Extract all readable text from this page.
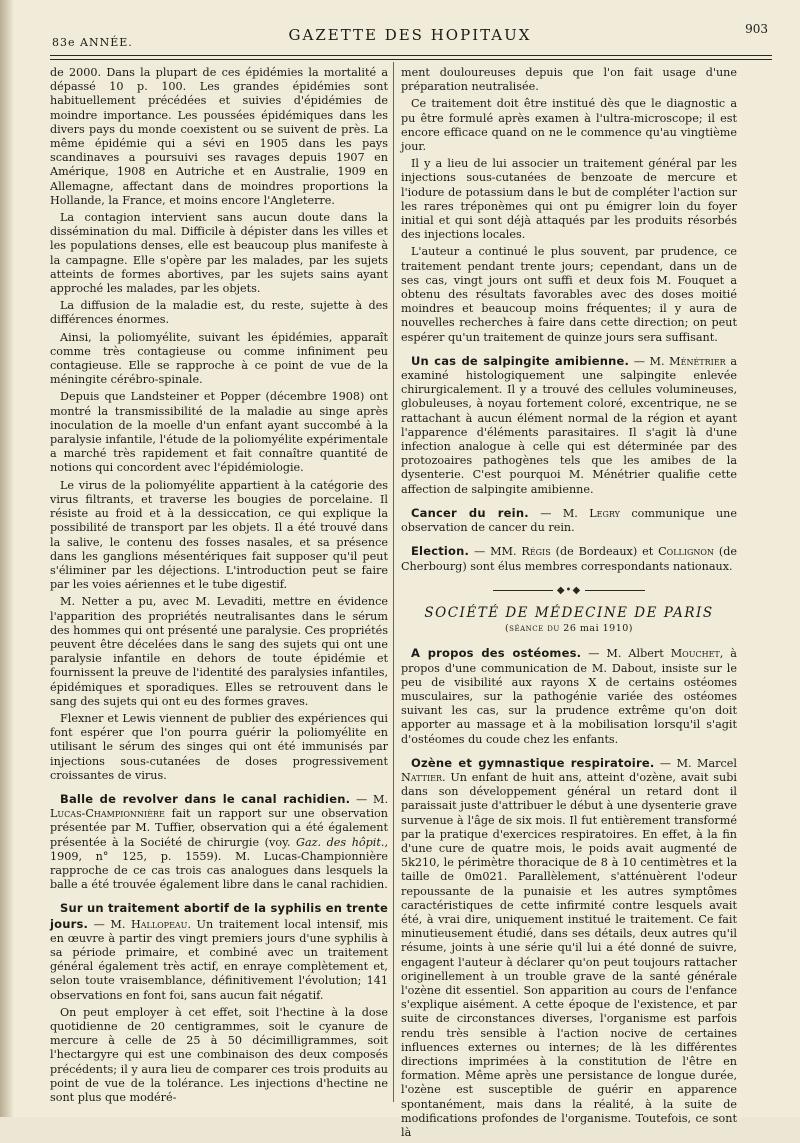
83e ANNÉE.	GAZETTE DES HOPITAUX	903

de 2000. Dans la plupart de ces épidémies la mortalité a dépassé 10 p. 100. Les grandes épidémies sont habituellement précédées et suivies d'épidémies de moindre importance. Les poussées épidémiques dans les divers pays du monde coexistent ou se suivent de près. La même épidémie qui a sévi en 1905 dans les pays scandinaves a poursuivi ses ravages depuis 1907 en Amérique, 1908 en Autriche et en Australie, 1909 en Allemagne, affectant dans de moindres proportions la Hollande, la France, et moins encore l'Angleterre.

La contagion intervient sans aucun doute dans la dissémination du mal. Difficile à dépister dans les villes et les populations denses, elle est beaucoup plus manifeste à la campagne. Elle s'opère par les malades, par les sujets atteints de formes abortives, par les sujets sains ayant approché les malades, par les objets.

La diffusion de la maladie est, du reste, sujette à des différences énormes.

Ainsi, la poliomyélite, suivant les épidémies, apparaît comme très contagieuse ou comme infiniment peu contagieuse. Elle se rapproche à ce point de vue de la méningite cérébro-spinale.

Depuis que Landsteiner et Popper (décembre 1908) ont montré la transmissibilité de la maladie au singe après inoculation de la moelle d'un enfant ayant succombé à la paralysie infantile, l'étude de la poliomyélite expérimentale a marché très rapidement et fait connaître quantité de notions qui concordent avec l'épidémiologie.

Le virus de la poliomyélite appartient à la catégorie des virus filtrants, et traverse les bougies de porcelaine. Il résiste au froid et à la dessiccation, ce qui explique la possibilité de transport par les objets. Il a été trouvé dans la salive, le contenu des fosses nasales, et sa présence dans les ganglions mésentériques fait supposer qu'il peut s'éliminer par les déjections. L'introduction peut se faire par les voies aériennes et le tube digestif.

M. Netter a pu, avec M. Levaditi, mettre en évidence l'apparition des propriétés neutralisantes dans le sérum des hommes qui ont présenté une paralysie. Ces propriétés peuvent être décelées dans le sang des sujets qui ont une paralysie infantile en dehors de toute épidémie et fournissent la preuve de l'identité des paralysies infantiles, épidémiques et sporadiques. Elles se retrouvent dans le sang des sujets qui ont eu des formes graves.

Flexner et Lewis viennent de publier des expériences qui font espérer que l'on pourra guérir la poliomyélite en utilisant le sérum des singes qui ont été immunisés par injections sous-cutanées de doses progressivement croissantes de virus.

Balle de revolver dans le canal rachidien. — M. Lucas-Championnière fait un rapport sur une observation présentée par M. Tuffier, observation qui a été également présentée à la Société de chirurgie (voy. Gaz. des hôpit., 1909, n° 125, p. 1559). M. Lucas-Championnière rapproche de ce cas trois cas analogues dans lesquels la balle a été trouvée également libre dans le canal rachidien.

Sur un traitement abortif de la syphilis en trente jours. — M. Hallopeau. Un traitement local intensif, mis en œuvre à partir des vingt premiers jours d'une syphilis à sa période primaire, et combiné avec un traitement général également très actif, en enraye complètement et, selon toute vraisemblance, définitivement l'évolution; 141 observations en font foi, sans aucun fait négatif.

On peut employer à cet effet, soit l'hectine à la dose quotidienne de 20 centigrammes, soit le cyanure de mercure à celle de 25 à 50 décimilligrammes, soit l'hectargyre qui est une combinaison des deux composés précédents; il y aura lieu de comparer ces trois produits au point de vue de la tolérance. Les injections d'hectine ne sont plus que modéré-

ment douloureuses depuis que l'on fait usage d'une préparation neutralisée.

Ce traitement doit être institué dès que le diagnostic a pu être formulé après examen à l'ultra-microscope; il est encore efficace quand on ne le commence qu'au vingtième jour.

Il y a lieu de lui associer un traitement général par les injections sous-cutanées de benzoate de mercure et l'iodure de potassium dans le but de compléter l'action sur les rares tréponèmes qui ont pu émigrer loin du foyer initial et qui sont déjà attaqués par les produits résorbés des injections locales.

L'auteur a continué le plus souvent, par prudence, ce traitement pendant trente jours; cependant, dans un de ses cas, vingt jours ont suffi et deux fois M. Fouquet a obtenu des résultats favorables avec des doses moitié moindres et beaucoup moins fréquentes; il y aura de nouvelles recherches à faire dans cette direction; on peut espérer qu'un traitement de quinze jours sera suffisant.

Un cas de salpingite amibienne. — M. Ménétrier a examiné histologiquement une salpingite enlevée chirurgicalement. Il y a trouvé des cellules volumineuses, globuleuses, à noyau fortement coloré, excentrique, ne se rattachant à aucun élément normal de la région et ayant l'apparence d'éléments parasitaires. Il s'agit là d'une infection analogue à celle qui est déterminée par des protozoaires pathogènes tels que les amibes de la dysenterie. C'est pourquoi M. Ménétrier qualifie cette affection de salpingite amibienne.

Cancer du rein. — M. Legry communique une observation de cancer du rein.

Election. — MM. Régis (de Bordeaux) et Collignon (de Cherbourg) sont élus membres correspondants nationaux.

◆•◆
SOCIÉTÉ DE MÉDECINE DE PARIS
(séance du 26 mai 1910)

A propos des ostéomes. — M. Albert Mouchet, à propos d'une communication de M. Dabout, insiste sur le peu de visibilité aux rayons X de certains ostéomes musculaires, sur la pathogénie variée des ostéomes suivant les cas, sur la prudence extrême qu'on doit apporter au massage et à la mobilisation lorsqu'il s'agit d'ostéomes du coude chez les enfants.

Ozène et gymnastique respiratoire. — M. Marcel Nattier. Un enfant de huit ans, atteint d'ozène, avait subi dans son développement général un retard dont il paraissait juste d'attribuer le début à une dysenterie grave survenue à l'âge de six mois. Il fut entièrement transformé par la pratique d'exercices respiratoires. En effet, à la fin d'une cure de quatre mois, le poids avait augmenté de 5k210, le périmètre thoracique de 8 à 10 centimètres et la taille de 0m021. Parallèlement, s'atténuèrent l'odeur repoussante de la punaisie et les autres symptômes caractéristiques de cette infirmité contre lesquels avait été, à vrai dire, uniquement institué le traitement. Ce fait minutieusement étudié, dans ses détails, deux autres qu'il résume, joints à une série qu'il lui a été donné de suivre, engagent l'auteur à déclarer qu'on peut toujours rattacher originellement à un trouble grave de la santé générale l'ozène dit essentiel. Son apparition au cours de l'enfance s'explique aisément. A cette époque de l'existence, et par suite de circonstances diverses, l'organisme est parfois rendu très sensible à l'action nocive de certaines influences externes ou internes; de là les différentes directions imprimées à la constitution de l'être en formation. Même après une persistance de longue durée, l'ozène est susceptible de guérir en apparence spontanément, mais dans la réalité, à la suite de modifications profondes de l'organisme. Toutefois, ce sont là
